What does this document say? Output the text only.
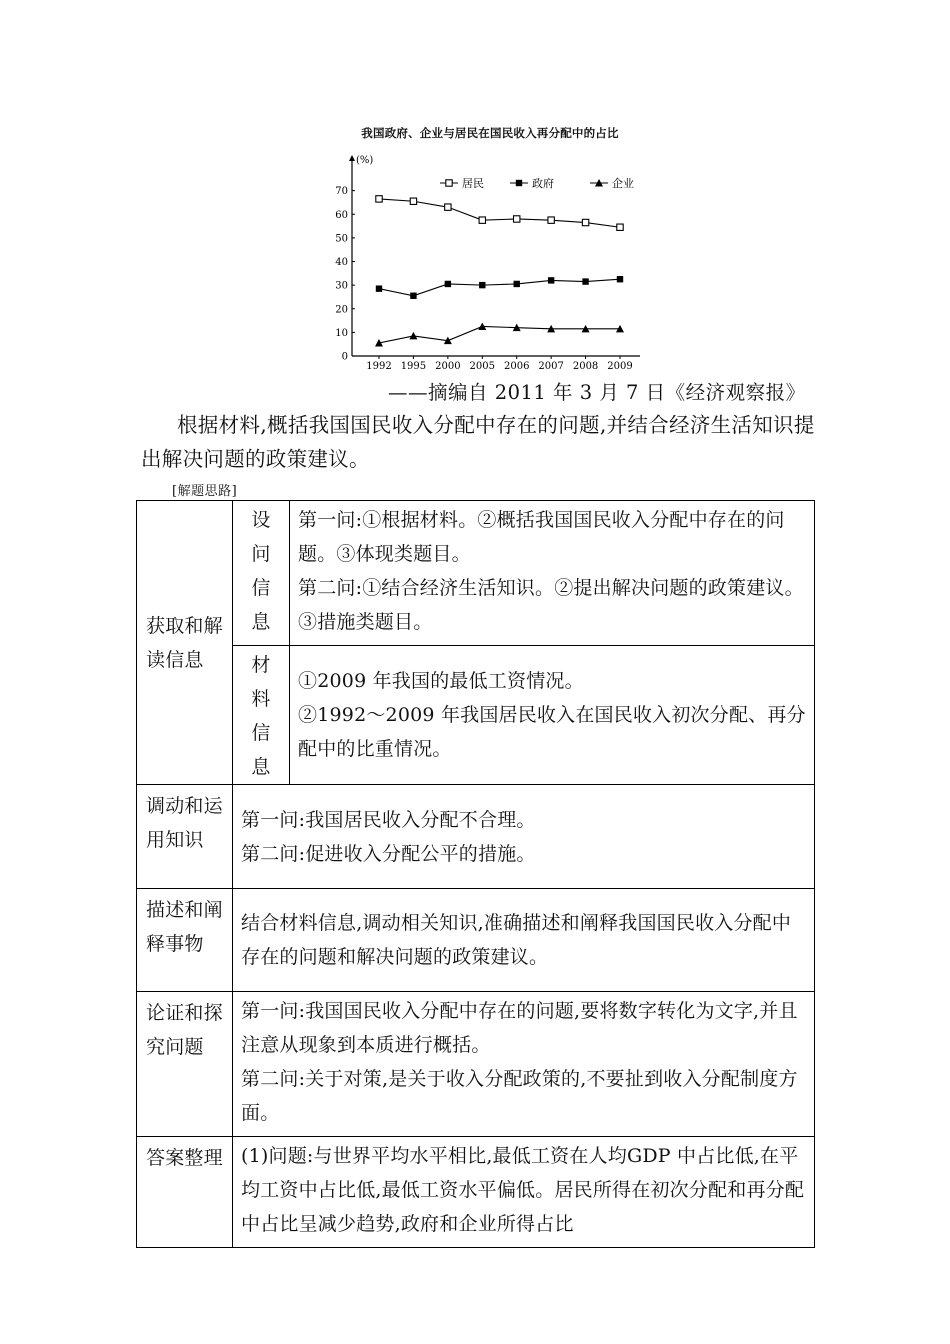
我国政府、企业与居民在国民收入再分配中的占比
(%)
0
10
20
30
40
50
60
70
1992 1995 2000 2005 2006 2007 2008 2009
居民	政府	企业
——摘编自 2011 年 3 月 7 日《经济观察报》
根据材料,概括我国国民收入分配中存在的问题,并结合经济生活知识提出解决问题的政策建议。
[解题思路]
获取和解读信息	设
问
信
息	第一问:①根据材料。②概括我国国民收入分配中存在的问题。③体现类题目。
第二问:①结合经济生活知识。②提出解决问题的政策建议。③措施类题目。

	材
料
信
息	①2009 年我国的最低工资情况。
②1992～2009 年我国居民收入在国民收入初次分配、再分配中的比重情况。

调动和运用知识	第一问:我国居民收入分配不合理。
第二问:促进收入分配公平的措施。	

描述和阐释事物	结合材料信息,调动相关知识,准确描述和阐释我国国民收入分配中存在的问题和解决问题的政策建议。	
论证和探究问题	第一问:我国国民收入分配中存在的问题,要将数字转化为文字,并且注意从现象到本质进行概括。
第二问:关于对策,是关于收入分配政策的,不要扯到收入分配制度方面。	

答案整理	(1)问题:与世界平均水平相比,最低工资在人均GDP 中占比低,在平均工资中占比低,最低工资水平偏低。居民所得在初次分配和再分配中占比呈减少趋势,政府和企业所得占比	
